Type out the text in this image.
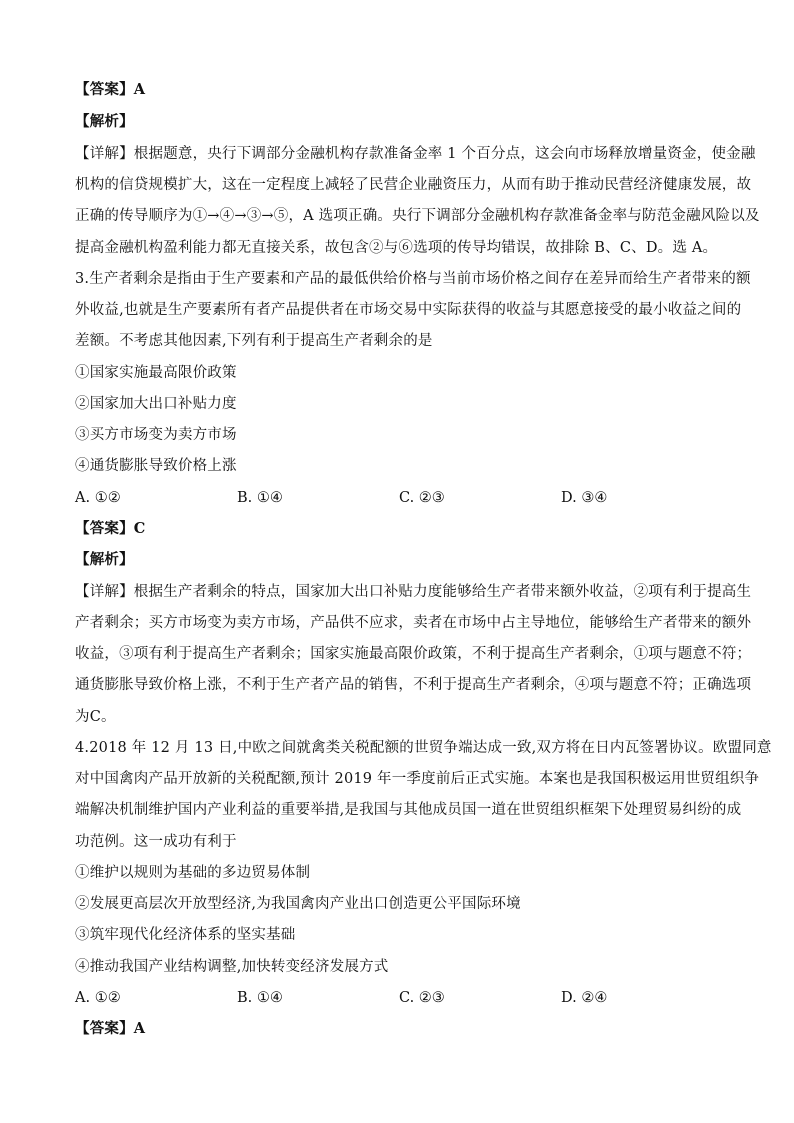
【答案】A
【解析】
【详解】根据题意，央行下调部分金融机构存款准备金率 1 个百分点，这会向市场释放增量资金，使金融
机构的信贷规模扩大，这在一定程度上减轻了民营企业融资压力，从而有助于推动民营经济健康发展，故
正确的传导顺序为①→④→③→⑤，A 选项正确。央行下调部分金融机构存款准备金率与防范金融风险以及
提高金融机构盈利能力都无直接关系，故包含②与⑥选项的传导均错误，故排除 B、C、D。选 A。
3.生产者剩余是指由于生产要素和产品的最低供给价格与当前市场价格之间存在差异而给生产者带来的额
外收益,也就是生产要素所有者产品提供者在市场交易中实际获得的收益与其愿意接受的最小收益之间的
差额。不考虑其他因素,下列有利于提高生产者剩余的是
①国家实施最高限价政策
②国家加大出口补贴力度
③买方市场变为卖方市场
④通货膨胀导致价格上涨
A. ①②	B. ①④	C. ②③	D. ③④
【答案】C
【解析】
【详解】根据生产者剩余的特点，国家加大出口补贴力度能够给生产者带来额外收益，②项有利于提高生
产者剩余；买方市场变为卖方市场，产品供不应求，卖者在市场中占主导地位，能够给生产者带来的额外
收益，③项有利于提高生产者剩余；国家实施最高限价政策，不利于提高生产者剩余，①项与题意不符；
通货膨胀导致价格上涨，不利于生产者产品的销售，不利于提高生产者剩余，④项与题意不符；正确选项
为C。
4.2018 年 12 月 13 日,中欧之间就禽类关税配额的世贸争端达成一致,双方将在日内瓦签署协议。欧盟同意
对中国禽肉产品开放新的关税配额,预计 2019 年一季度前后正式实施。本案也是我国积极运用世贸组织争
端解决机制维护国内产业利益的重要举措,是我国与其他成员国一道在世贸组织框架下处理贸易纠纷的成
功范例。这一成功有利于
①维护以规则为基础的多边贸易体制
②发展更高层次开放型经济,为我国禽肉产业出口创造更公平国际环境
③筑牢现代化经济体系的坚实基础
④推动我国产业结构调整,加快转变经济发展方式
A. ①②	B. ①④	C. ②③	D. ②④
【答案】A
